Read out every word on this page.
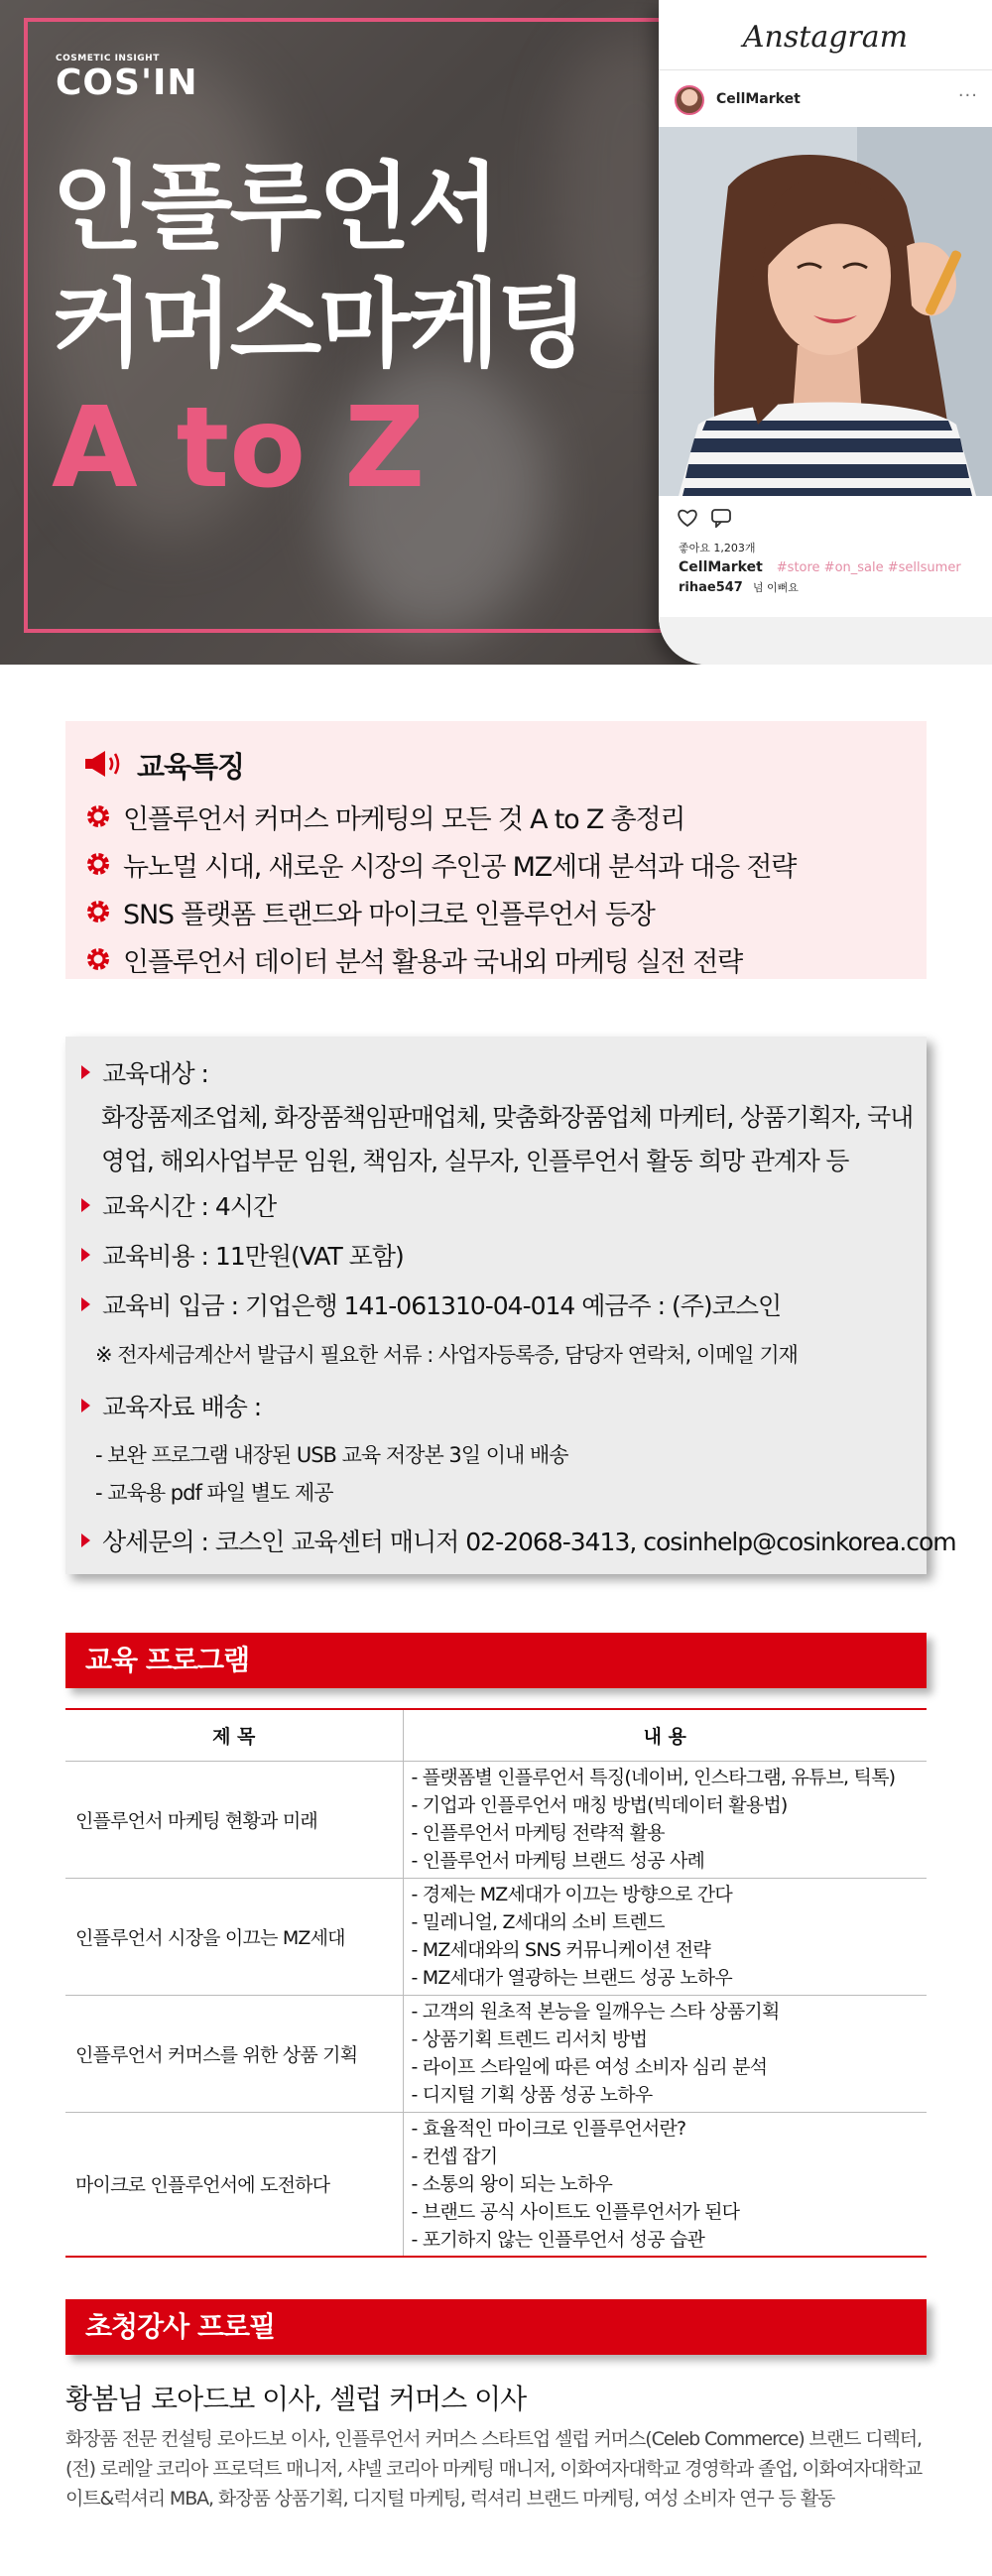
COSMETIC INSIGHT
COS'IN
인플루언서
커머스마케팅
A to Z
Anstagram
CellMarket	···
좋아요 1,203개
CellMarket #store #on_sale #sellsumer
rihae547 넘 이뻐요
교육특징
인플루언서 커머스 마케팅의 모든 것 A to Z 총정리
뉴노멀 시대, 새로운 시장의 주인공 MZ세대 분석과 대응 전략
SNS 플랫폼 트랜드와 마이크로 인플루언서 등장
인플루언서 데이터 분석 활용과 국내외 마케팅 실전 전략
교육대상 :
화장품제조업체, 화장품책임판매업체, 맞춤화장품업체 마케터, 상품기획자, 국내
영업, 해외사업부문 임원, 책임자, 실무자, 인플루언서 활동 희망 관계자 등
교육시간 : 4시간
교육비용 : 11만원(VAT 포함)
교육비 입금 : 기업은행 141-061310-04-014 예금주 : (주)코스인
※ 전자세금계산서 발급시 필요한 서류 : 사업자등록증, 담당자 연락처, 이메일 기재
교육자료 배송 :
- 보완 프로그램 내장된 USB 교육 저장본 3일 이내 배송
- 교육용 pdf 파일 별도 제공
상세문의 : 코스인 교육센터 매니저 02-2068-3413, cosinhelp@cosinkorea.com
교육 프로그램
제 목	내 용
인플루언서 마케팅 현황과 미래	- 플랫폼별 인플루언서 특징(네이버, 인스타그램, 유튜브, 틱톡)
- 기업과 인플루언서 매칭 방법(빅데이터 활용법)
- 인플루언서 마케팅 전략적 활용
- 인플루언서 마케팅 브랜드 성공 사례

인플루언서 시장을 이끄는 MZ세대	- 경제는 MZ세대가 이끄는 방향으로 간다
- 밀레니얼, Z세대의 소비 트렌드
- MZ세대와의 SNS 커뮤니케이션 전략
- MZ세대가 열광하는 브랜드 성공 노하우

인플루언서 커머스를 위한 상품 기획	- 고객의 원초적 본능을 일깨우는 스타 상품기획
- 상품기획 트렌드 리서치 방법
- 라이프 스타일에 따른 여성 소비자 심리 분석
- 디지털 기획 상품 성공 노하우

마이크로 인플루언서에 도전하다	- 효율적인 마이크로 인플루언서란?
- 컨셉 잡기
- 소통의 왕이 되는 노하우
- 브랜드 공식 사이트도 인플루언서가 된다
- 포기하지 않는 인플루언서 성공 습관
초청강사 프로필
황봄님 로아드보 이사, 셀럽 커머스 이사
화장품 전문 컨설팅 로아드보 이사, 인플루언서 커머스 스타트업 셀럽 커머스(Celeb Commerce) 브랜드 디렉터,
(전) 로레알 코리아 프로덕트 매니저, 샤넬 코리아 마케팅 매니저, 이화여자대학교 경영학과 졸업, 이화여자대학교
이트&럭셔리 MBA, 화장품 상품기획, 디지털 마케팅, 럭셔리 브랜드 마케팅, 여성 소비자 연구 등 활동
